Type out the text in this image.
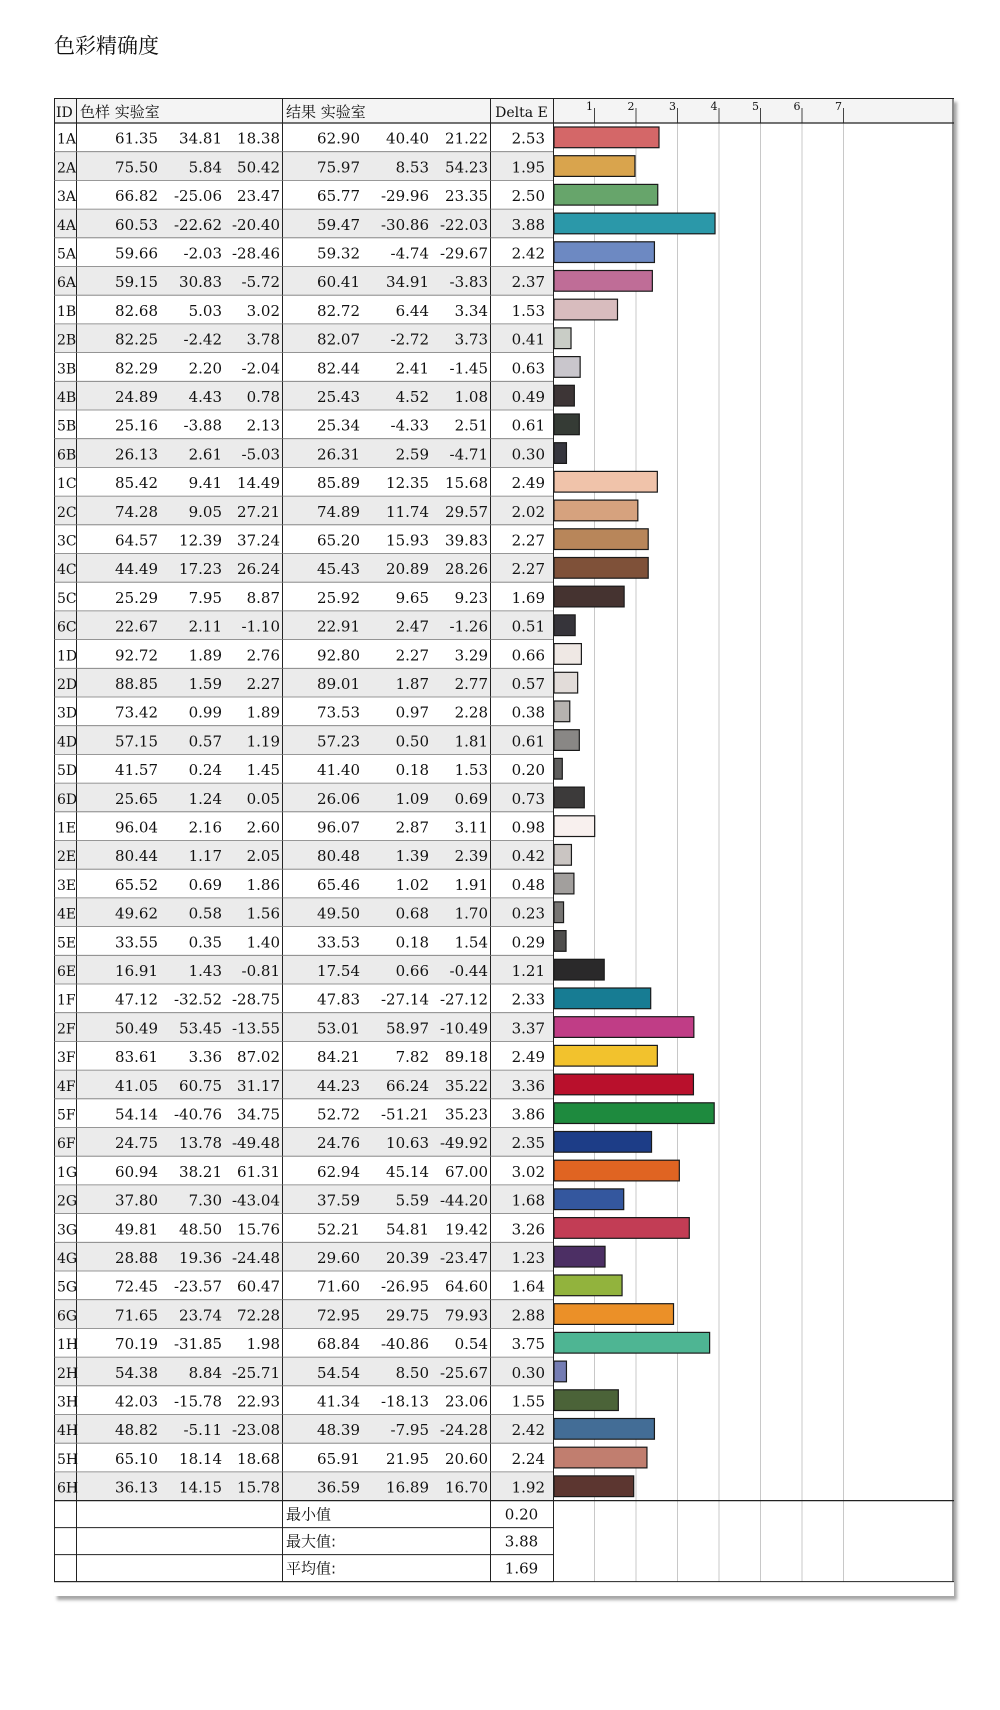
色彩精确度
1	2	3	4	5	6	7
ID 色样 实验室	结果 实验室	Delta E
1A	61.35 34.81 18.38 62.90 40.40 21.22 2.53
2A	75.50 5.84 50.42 75.97 8.53 54.23 1.95
3A	66.82 -25.06 23.47 65.77 -29.96 23.35 2.50
4A	60.53 -22.62 -20.40 59.47 -30.86 -22.03 3.88
5A	59.66 -2.03 -28.46 59.32 -4.74 -29.67 2.42
6A	59.15 30.83 -5.72 60.41 34.91 -3.83 2.37
1B	82.68 5.03 3.02 82.72 6.44 3.34 1.53
2B	82.25 -2.42 3.78 82.07 -2.72 3.73 0.41
3B	82.29 2.20 -2.04 82.44 2.41 -1.45 0.63
4B	24.89 4.43 0.78 25.43 4.52 1.08 0.49
5B	25.16 -3.88 2.13 25.34 -4.33 2.51 0.61
6B	26.13 2.61 -5.03 26.31 2.59 -4.71 0.30
1C	85.42 9.41 14.49 85.89 12.35 15.68 2.49
2C	74.28 9.05 27.21 74.89 11.74 29.57 2.02
3C	64.57 12.39 37.24 65.20 15.93 39.83 2.27
4C	44.49 17.23 26.24 45.43 20.89 28.26 2.27
5C	25.29 7.95 8.87 25.92 9.65 9.23 1.69
6C	22.67 2.11 -1.10 22.91 2.47 -1.26 0.51
1D	92.72 1.89 2.76 92.80 2.27 3.29 0.66
2D	88.85 1.59 2.27 89.01 1.87 2.77 0.57
3D	73.42 0.99 1.89 73.53 0.97 2.28 0.38
4D	57.15 0.57 1.19 57.23 0.50 1.81 0.61
5D	41.57 0.24 1.45 41.40 0.18 1.53 0.20
6D	25.65 1.24 0.05 26.06 1.09 0.69 0.73
1E	96.04 2.16 2.60 96.07 2.87 3.11 0.98
2E	80.44 1.17 2.05 80.48 1.39 2.39 0.42
3E	65.52 0.69 1.86 65.46 1.02 1.91 0.48
4E	49.62 0.58 1.56 49.50 0.68 1.70 0.23
5E	33.55 0.35 1.40 33.53 0.18 1.54 0.29
6E	16.91 1.43 -0.81 17.54 0.66 -0.44 1.21
1F	47.12 -32.52 -28.75 47.83 -27.14 -27.12 2.33
2F	50.49 53.45 -13.55 53.01 58.97 -10.49 3.37
3F	83.61 3.36 87.02 84.21 7.82 89.18 2.49
4F	41.05 60.75 31.17 44.23 66.24 35.22 3.36
5F	54.14 -40.76 34.75 52.72 -51.21 35.23 3.86
6F	24.75 13.78 -49.48 24.76 10.63 -49.92 2.35
1G	60.94 38.21 61.31 62.94 45.14 67.00 3.02
2G	37.80 7.30 -43.04 37.59 5.59 -44.20 1.68
3G	49.81 48.50 15.76 52.21 54.81 19.42 3.26
4G	28.88 19.36 -24.48 29.60 20.39 -23.47 1.23
5G	72.45 -23.57 60.47 71.60 -26.95 64.60 1.64
6G	71.65 23.74 72.28 72.95 29.75 79.93 2.88
1H 70.19 -31.85 1.98 68.84 -40.86 0.54 3.75
2H 54.38 8.84 -25.71 54.54 8.50 -25.67 0.30
3H 42.03 -15.78 22.93 41.34 -18.13 23.06 1.55
4H 48.82 -5.11 -23.08 48.39 -7.95 -24.28 2.42
5H 65.10 18.14 18.68 65.91 21.95 20.60 2.24
6H 36.13 14.15 15.78 36.59 16.89 16.70 1.92
最小值	0.20
最大值:	3.88
平均值:	1.69
